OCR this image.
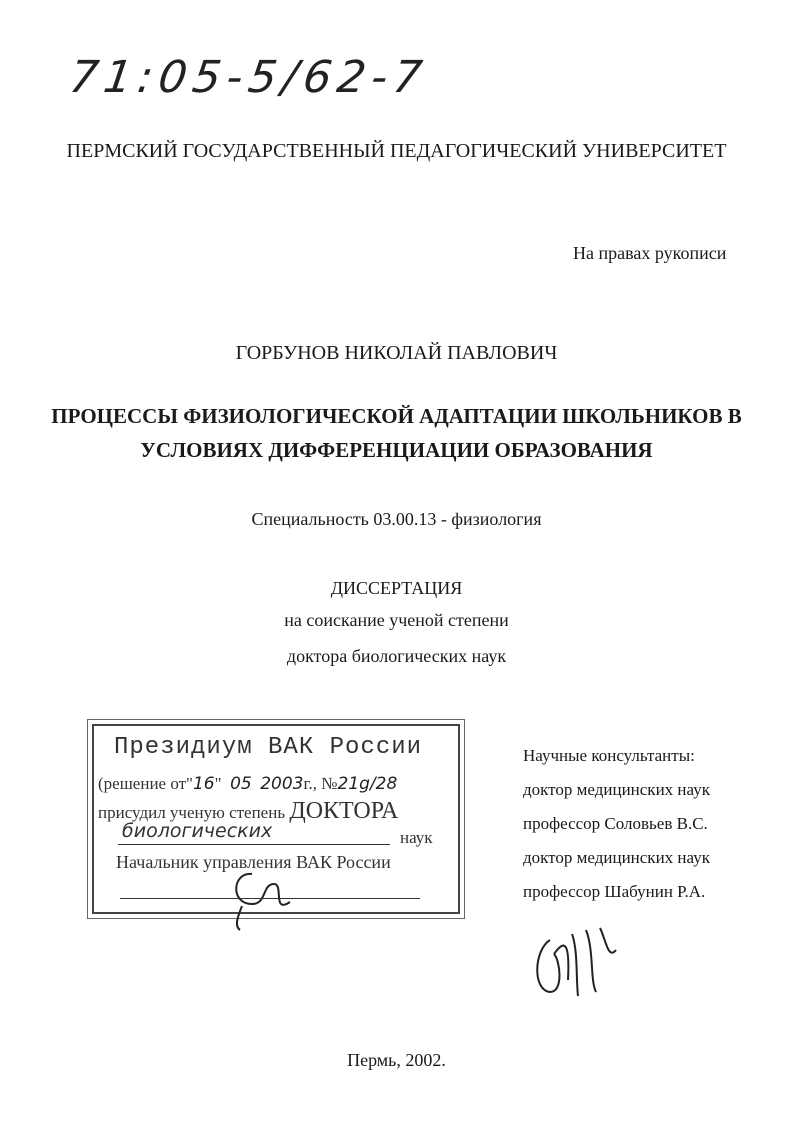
71:05-5/62-7
ПЕРМСКИЙ ГОСУДАРСТВЕННЫЙ ПЕДАГОГИЧЕСКИЙ УНИВЕРСИТЕТ
На правах рукописи
ГОРБУНОВ НИКОЛАЙ ПАВЛОВИЧ
ПРОЦЕССЫ ФИЗИОЛОГИЧЕСКОЙ АДАПТАЦИИ ШКОЛЬНИКОВ В
УСЛОВИЯХ ДИФФЕРЕНЦИАЦИИ ОБРАЗОВАНИЯ
Специальность 03.00.13 - физиология
ДИССЕРТАЦИЯ
на соискание ученой степени
доктора биологических наук
Президиум ВАК России
(решение от"16" 05 2003г., №21g/28
присудил ученую степень ДОКТОРА
биологических	наук
Начальник управления ВАК России
Научные консультанты:
доктор медицинских наук
профессор Соловьев В.С.
доктор медицинских наук
профессор Шабунин Р.А.
Пермь, 2002.
